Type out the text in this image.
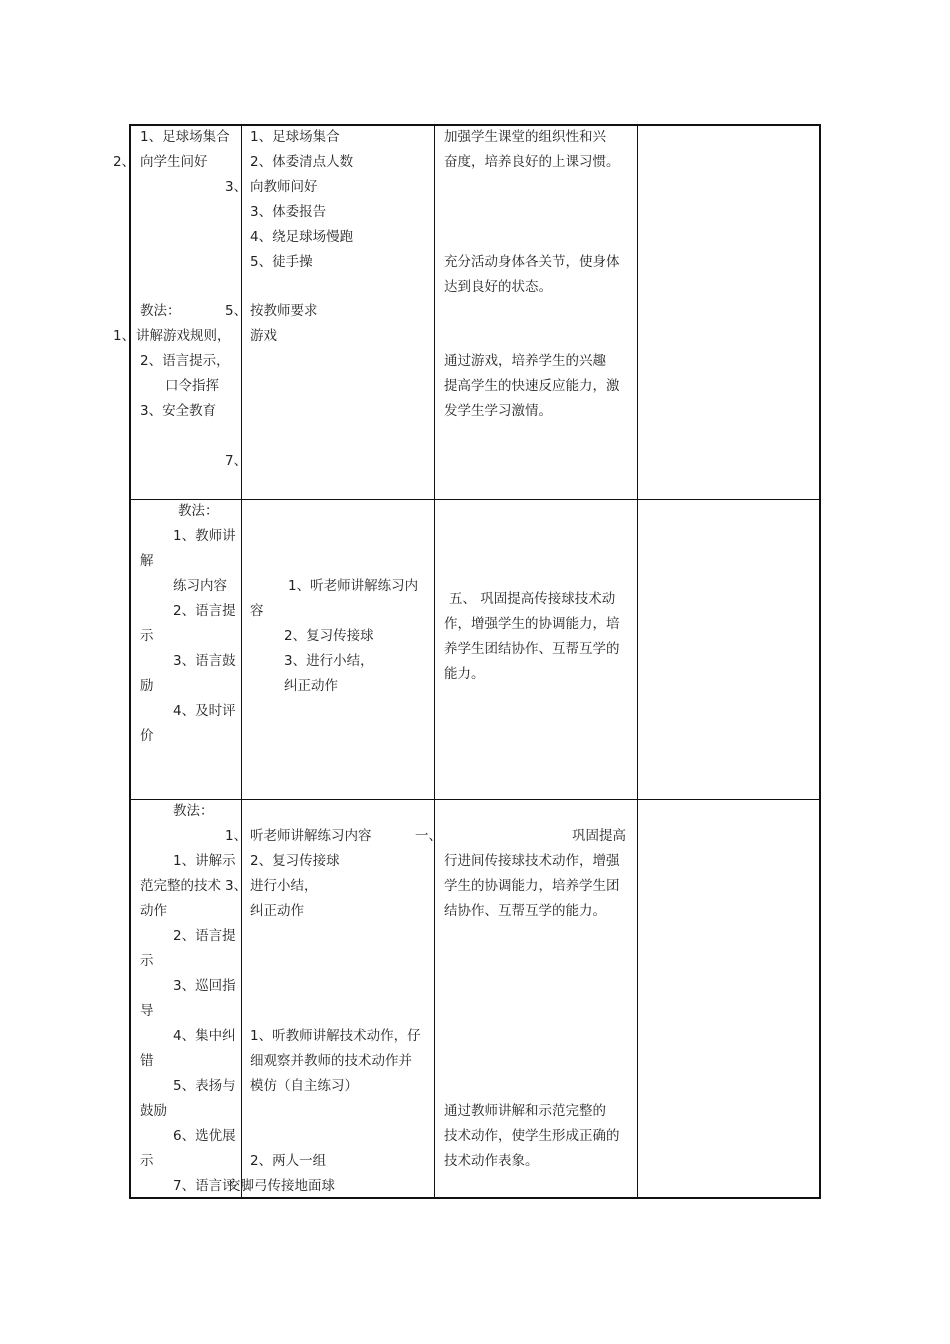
1、足球场集合
2、 向学生问好
3、
教法：	5、
1、 讲解游戏规则，
2、语言提示，
口令指挥
3、安全教育
7、
1、足球场集合
2、体委清点人数
向教师问好
3、体委报告
4、绕足球场慢跑
5、徒手操
按教师要求
游戏
加强学生课堂的组织性和兴
奋度，培养良好的上课习惯。
充分活动身体各关节，使身体
达到良好的状态。
通过游戏，培养学生的兴趣
提高学生的快速反应能力，激
发学生学习激情。
教法：
1、教师讲
解
练习内容
2、语言提
示
3、语言鼓
励
4、及时评
价
1、听老师讲解练习内
容
2、复习传接球
3、进行小结，
纠正动作
五、 巩固提高传接球技术动
作，增强学生的协调能力，培
养学生团结协作、互帮互学的
能力。
教法：
1、
1、讲解示
范完整的技术 3、
动作
2、语言提
示
3、巡回指
导
4、集中纠
错
5、表扬与
鼓励
6、选优展
示
7、语言评
听老师讲解练习内容	一、
2、复习传接球
进行小结，
纠正动作
1、听教师讲解技术动作，仔
细观察并教师的技术动作并
模仿（自主练习）
2、两人一组
交脚弓传接地面球
巩固提高
行进间传接球技术动作，增强
学生的协调能力，培养学生团
结协作、互帮互学的能力。
通过教师讲解和示范完整的
技术动作，使学生形成正确的
技术动作表象。
